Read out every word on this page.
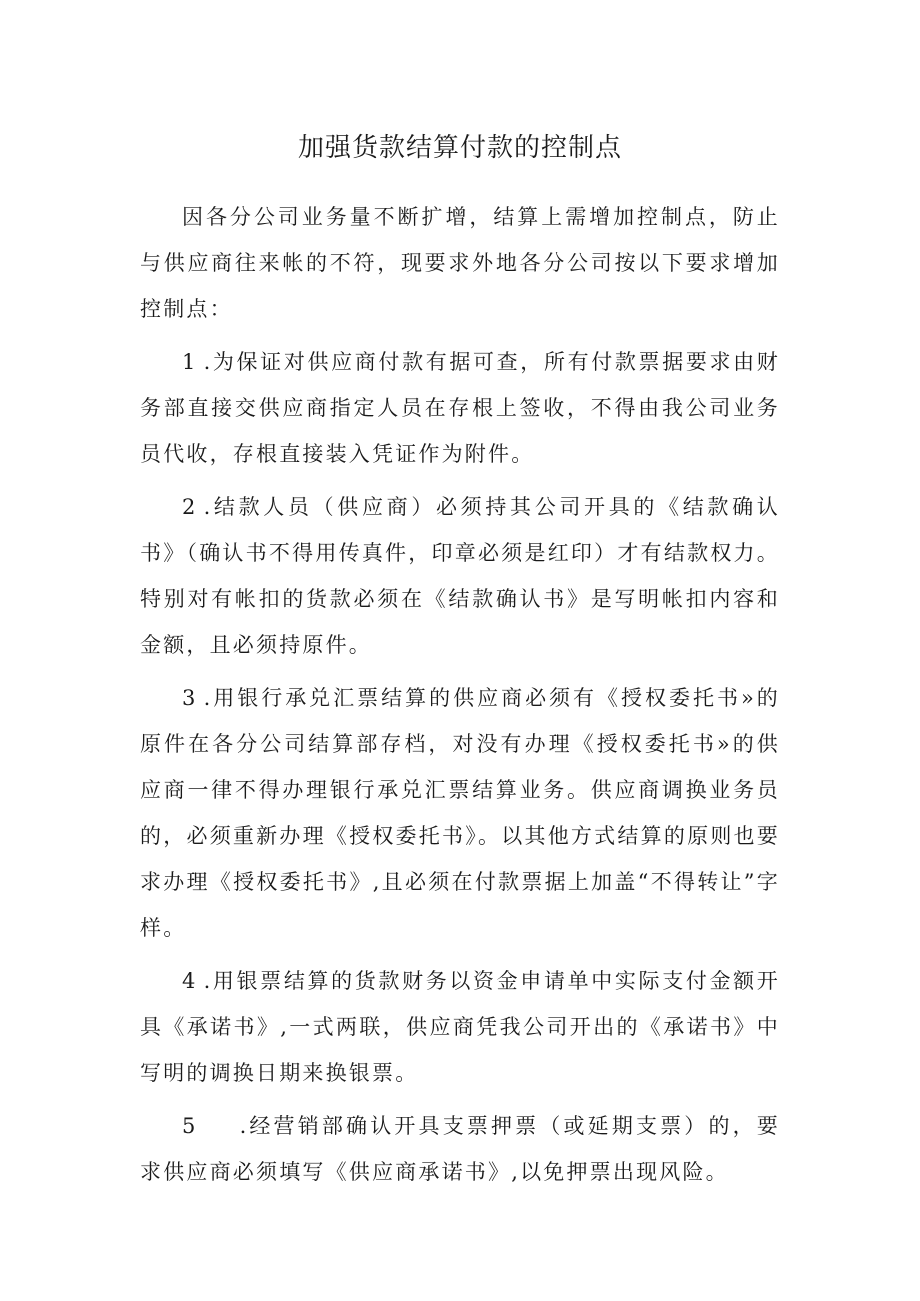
加强货款结算付款的控制点

因各分公司业务量不断扩增，结算上需增加控制点，防止与供应商往来帐的不符，现要求外地各分公司按以下要求增加控制点：

1 .为保证对供应商付款有据可查，所有付款票据要求由财务部直接交供应商指定人员在存根上签收，不得由我公司业务员代收，存根直接装入凭证作为附件。

2 .结款人员（供应商）必须持其公司开具的《结款确认书》（确认书不得用传真件，印章必须是红印）才有结款权力。特别对有帐扣的货款必须在《结款确认书》是写明帐扣内容和金额，且必须持原件。

3 .用银行承兑汇票结算的供应商必须有《授权委托书»的原件在各分公司结算部存档，对没有办理《授权委托书»的供应商一律不得办理银行承兑汇票结算业务。供应商调换业务员的，必须重新办理《授权委托书》。以其他方式结算的原则也要求办理《授权委托书》,且必须在付款票据上加盖“不得转让”字样。

4 .用银票结算的货款财务以资金申请单中实际支付金额开具《承诺书》,一式两联，供应商凭我公司开出的《承诺书》中写明的调换日期来换银票。

5 .经营销部确认开具支票押票（或延期支票）的，要求供应商必须填写《供应商承诺书》,以免押票出现风险。
